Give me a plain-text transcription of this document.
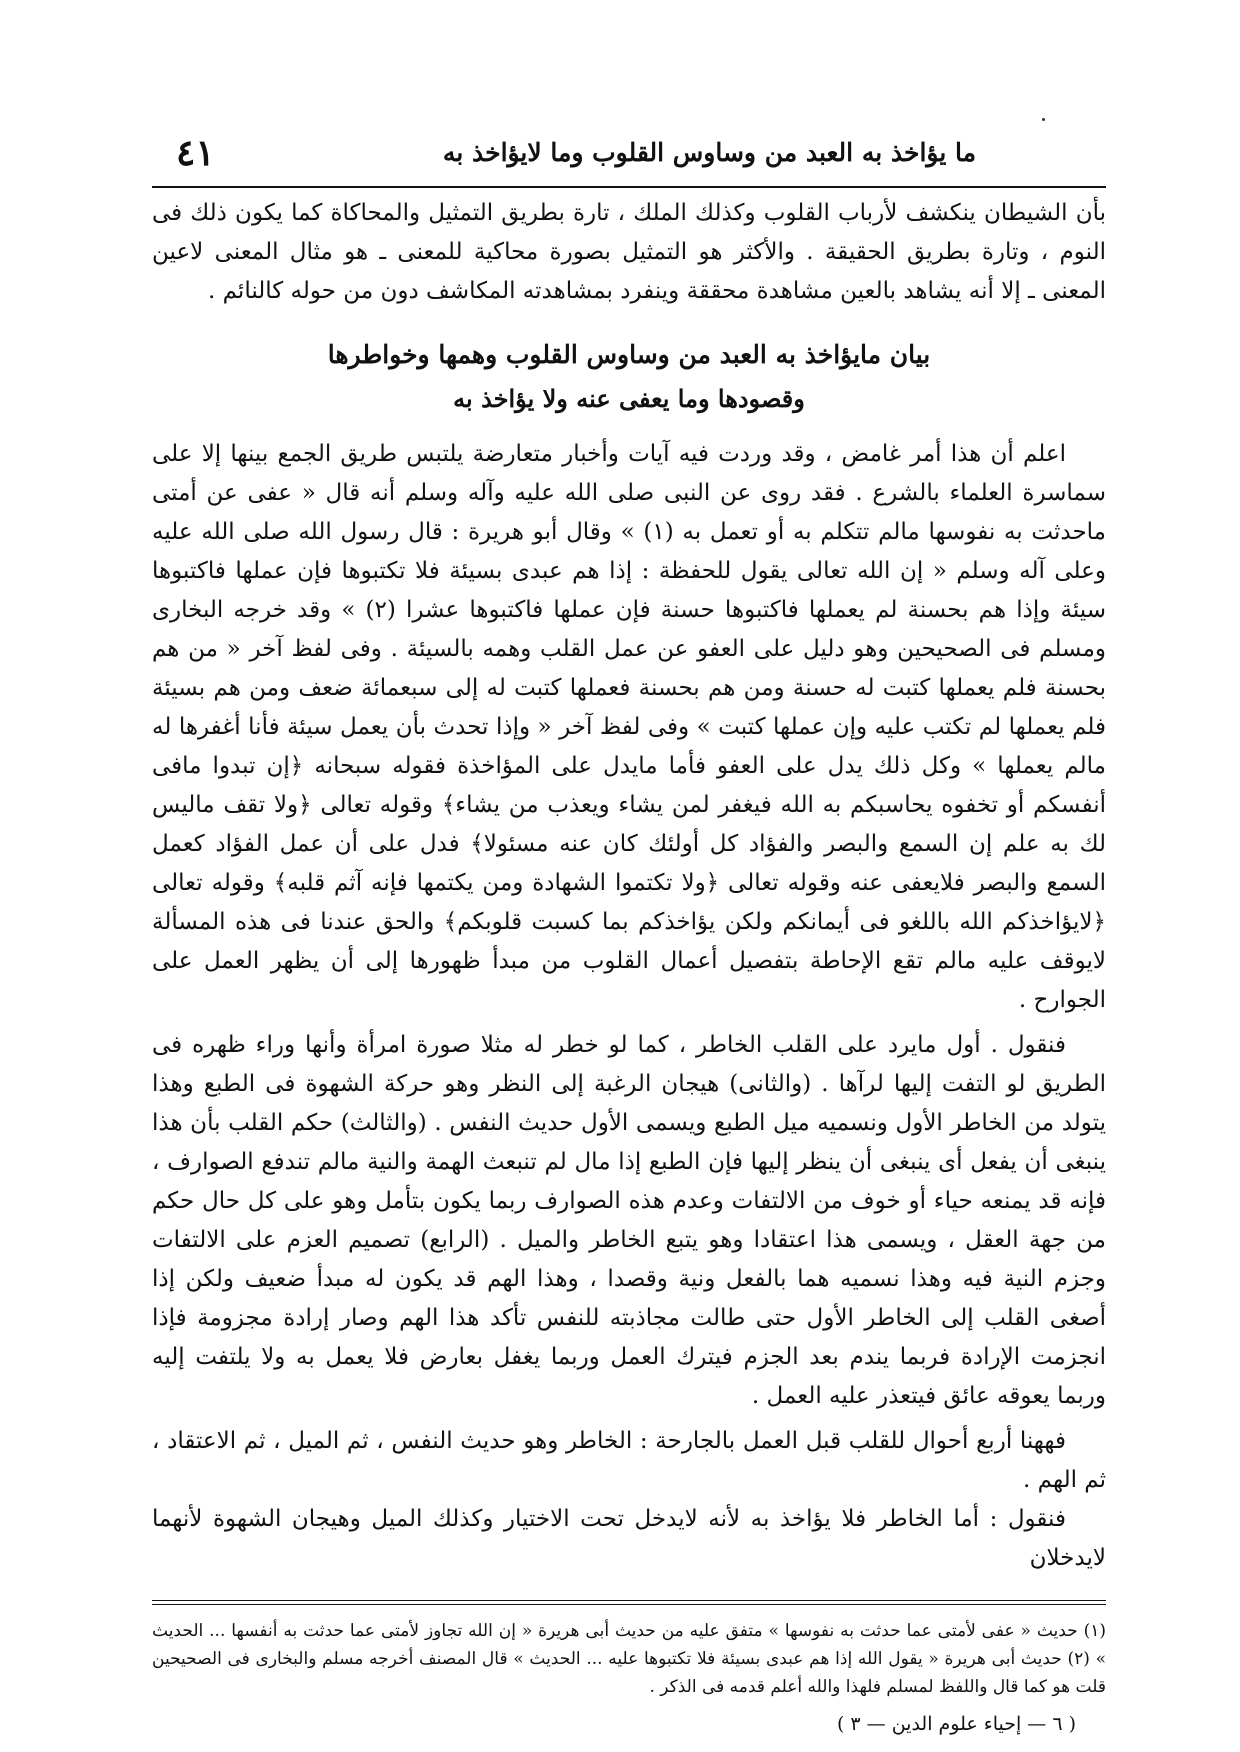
ما يؤاخذ به العبد من وساوس القلوب وما لايؤاخذ به
٤١

بأن الشيطان ينكشف لأرباب القلوب وكذلك الملك ، تارة بطريق التمثيل والمحاكاة كما يكون ذلك فى النوم ، وتارة بطريق الحقيقة . والأكثر هو التمثيل بصورة محاكية للمعنى ـ هو مثال المعنى لاعين المعنى ـ إلا أنه يشاهد بالعين مشاهدة محققة وينفرد بمشاهدته المكاشف دون من حوله كالنائم .

بيان مايؤاخذ به العبد من وساوس القلوب وهمها وخواطرها
وقصودها وما يعفى عنه ولا يؤاخذ به

اعلم أن هذا أمر غامض ، وقد وردت فيه آيات وأخبار متعارضة يلتبس طريق الجمع بينها إلا على سماسرة العلماء بالشرع . فقد روى عن النبى صلى الله عليه وآله وسلم أنه قال « عفى عن أمتى ماحدثت به نفوسها مالم تتكلم به أو تعمل به (١) » وقال أبو هريرة : قال رسول الله صلى الله عليه وعلى آله وسلم « إن الله تعالى يقول للحفظة : إذا هم عبدى بسيئة فلا تكتبوها فإن عملها فاكتبوها سيئة وإذا هم بحسنة لم يعملها فاكتبوها حسنة فإن عملها فاكتبوها عشرا (٢) » وقد خرجه البخارى ومسلم فى الصحيحين وهو دليل على العفو عن عمل القلب وهمه بالسيئة . وفى لفظ آخر « من هم بحسنة فلم يعملها كتبت له حسنة ومن هم بحسنة فعملها كتبت له إلى سبعمائة ضعف ومن هم بسيئة فلم يعملها لم تكتب عليه وإن عملها كتبت » وفى لفظ آخر « وإذا تحدث بأن يعمل سيئة فأنا أغفرها له مالم يعملها » وكل ذلك يدل على العفو فأما مايدل على المؤاخذة فقوله سبحانه ﴿إن تبدوا مافى أنفسكم أو تخفوه يحاسبكم به الله فيغفر لمن يشاء ويعذب من يشاء﴾ وقوله تعالى ﴿ولا تقف ماليس لك به علم إن السمع والبصر والفؤاد كل أولئك كان عنه مسئولا﴾ فدل على أن عمل الفؤاد كعمل السمع والبصر فلايعفى عنه وقوله تعالى ﴿ولا تكتموا الشهادة ومن يكتمها فإنه آثم قلبه﴾ وقوله تعالى ﴿لايؤاخذكم الله باللغو فى أيمانكم ولكن يؤاخذكم بما كسبت قلوبكم﴾ والحق عندنا فى هذه المسألة لايوقف عليه مالم تقع الإحاطة بتفصيل أعمال القلوب من مبدأ ظهورها إلى أن يظهر العمل على الجوارح .

فنقول . أول مايرد على القلب الخاطر ، كما لو خطر له مثلا صورة امرأة وأنها وراء ظهره فى الطريق لو التفت إليها لرآها . (والثانى) هيجان الرغبة إلى النظر وهو حركة الشهوة فى الطبع وهذا يتولد من الخاطر الأول ونسميه ميل الطبع ويسمى الأول حديث النفس . (والثالث) حكم القلب بأن هذا ينبغى أن يفعل أى ينبغى أن ينظر إليها فإن الطبع إذا مال لم تنبعث الهمة والنية مالم تندفع الصوارف ، فإنه قد يمنعه حياء أو خوف من الالتفات وعدم هذه الصوارف ربما يكون بتأمل وهو على كل حال حكم من جهة العقل ، ويسمى هذا اعتقادا وهو يتبع الخاطر والميل . (الرابع) تصميم العزم على الالتفات وجزم النية فيه وهذا نسميه هما بالفعل ونية وقصدا ، وهذا الهم قد يكون له مبدأ ضعيف ولكن إذا أصغى القلب إلى الخاطر الأول حتى طالت مجاذبته للنفس تأكد هذا الهم وصار إرادة مجزومة فإذا انجزمت الإرادة فربما يندم بعد الجزم فيترك العمل وربما يغفل بعارض فلا يعمل به ولا يلتفت إليه وربما يعوقه عائق فيتعذر عليه العمل .

فههنا أربع أحوال للقلب قبل العمل بالجارحة : الخاطر وهو حديث النفس ، ثم الميل ، ثم الاعتقاد ، ثم الهم .

فنقول : أما الخاطر فلا يؤاخذ به لأنه لايدخل تحت الاختيار وكذلك الميل وهيجان الشهوة لأنهما لايدخلان

(١) حديث « عفى لأمتى عما حدثت به نفوسها » متفق عليه من حديث أبى هريرة « إن الله تجاوز لأمتى عما حدثت به أنفسها ... الحديث » (٢) حديث أبى هريرة « يقول الله إذا هم عبدى بسيئة فلا تكتبوها عليه ... الحديث » قال المصنف أخرجه مسلم والبخارى فى الصحيحين قلت هو كما قال واللفظ لمسلم فلهذا والله أعلم قدمه فى الذكر .

( ٦ — إحياء علوم الدين — ٣ )
